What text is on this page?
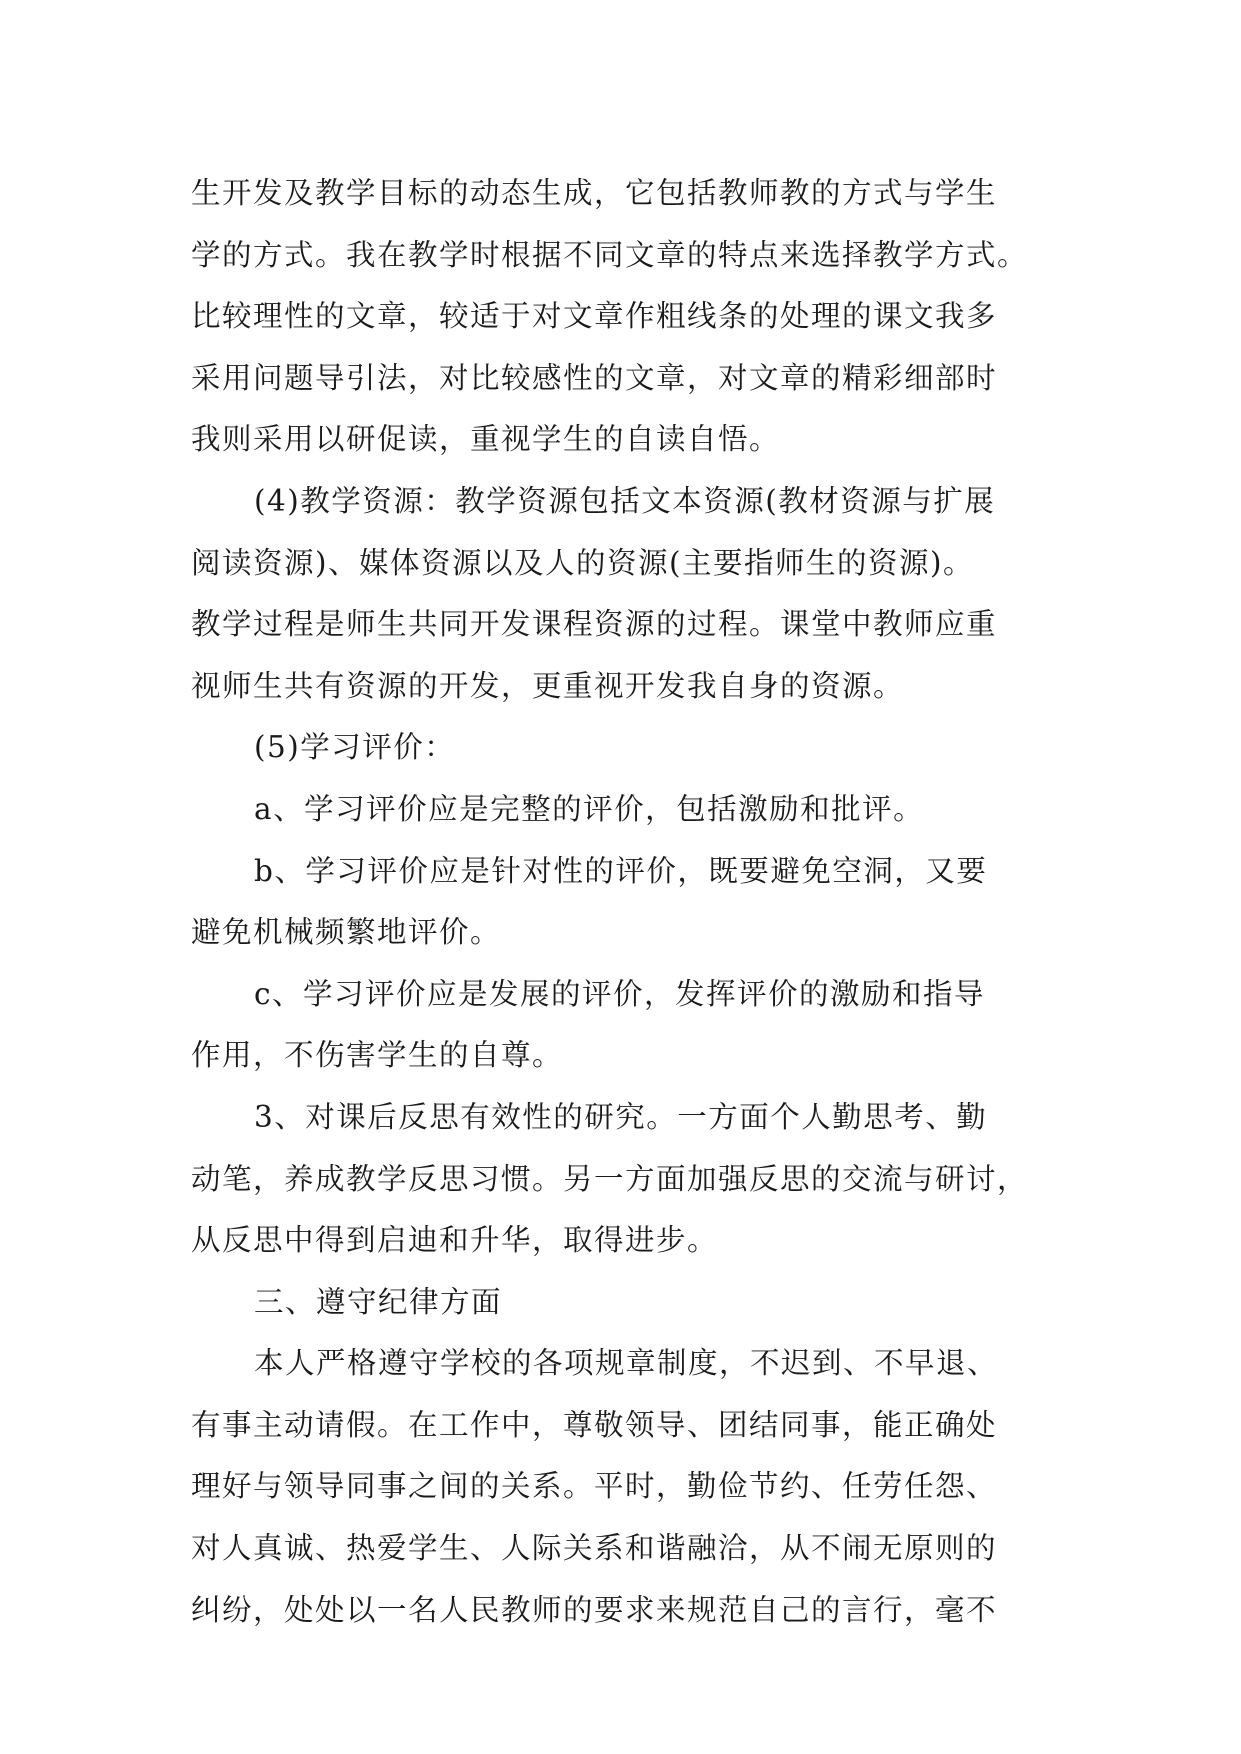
生开发及教学目标的动态生成，它包括教师教的方式与学生
学的方式。我在教学时根据不同文章的特点来选择教学方式。
比较理性的文章，较适于对文章作粗线条的处理的课文我多
采用问题导引法，对比较感性的文章，对文章的精彩细部时
我则采用以研促读，重视学生的自读自悟。
(4)教学资源：教学资源包括文本资源(教材资源与扩展
阅读资源)、媒体资源以及人的资源(主要指师生的资源)。
教学过程是师生共同开发课程资源的过程。课堂中教师应重
视师生共有资源的开发，更重视开发我自身的资源。
(5)学习评价：
a、学习评价应是完整的评价，包括激励和批评。
b、学习评价应是针对性的评价，既要避免空洞，又要
避免机械频繁地评价。
c、学习评价应是发展的评价，发挥评价的激励和指导
作用，不伤害学生的自尊。
3、对课后反思有效性的研究。一方面个人勤思考、勤
动笔，养成教学反思习惯。另一方面加强反思的交流与研讨，
从反思中得到启迪和升华，取得进步。
三、遵守纪律方面
本人严格遵守学校的各项规章制度，不迟到、不早退、
有事主动请假。在工作中，尊敬领导、团结同事，能正确处
理好与领导同事之间的关系。平时，勤俭节约、任劳任怨、
对人真诚、热爱学生、人际关系和谐融洽，从不闹无原则的
纠纷，处处以一名人民教师的要求来规范自己的言行，毫不
